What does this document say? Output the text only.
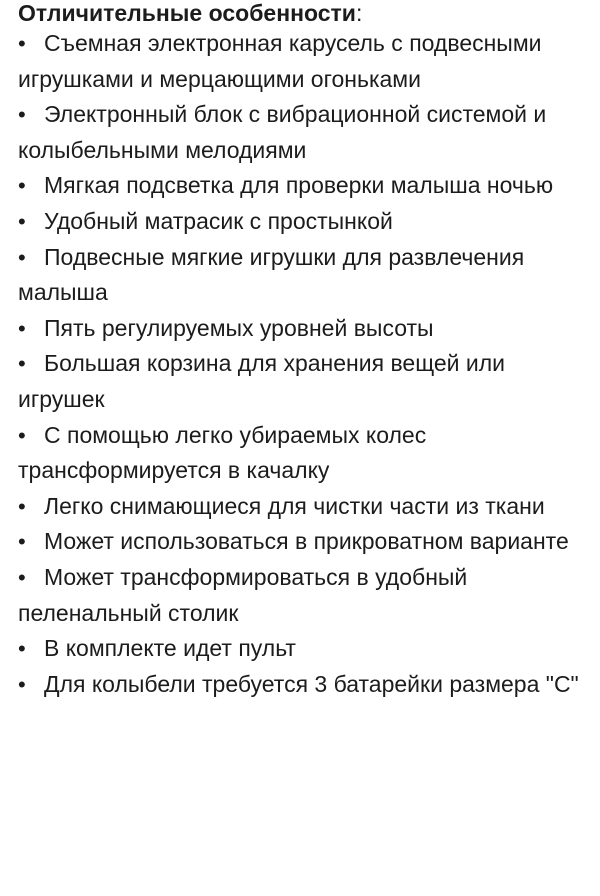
Отличительные особенности:

• Съемная электронная карусель с подвесными игрушками и мерцающими огоньками
• Электронный блок с вибрационной системой и колыбельными мелодиями
• Мягкая подсветка для проверки малыша ночью
• Удобный матрасик с простынкой
• Подвесные мягкие игрушки для развлечения малыша
• Пять регулируемых уровней высоты
• Большая корзина для хранения вещей или игрушек
• С помощью легко убираемых колес трансформируется в качалку
• Легко снимающиеся для чистки части из ткани
• Может использоваться в прикроватном варианте
• Может трансформироваться в удобный пеленальный столик
• В комплекте идет пульт
• Для колыбели требуется 3 батарейки размера "C"
